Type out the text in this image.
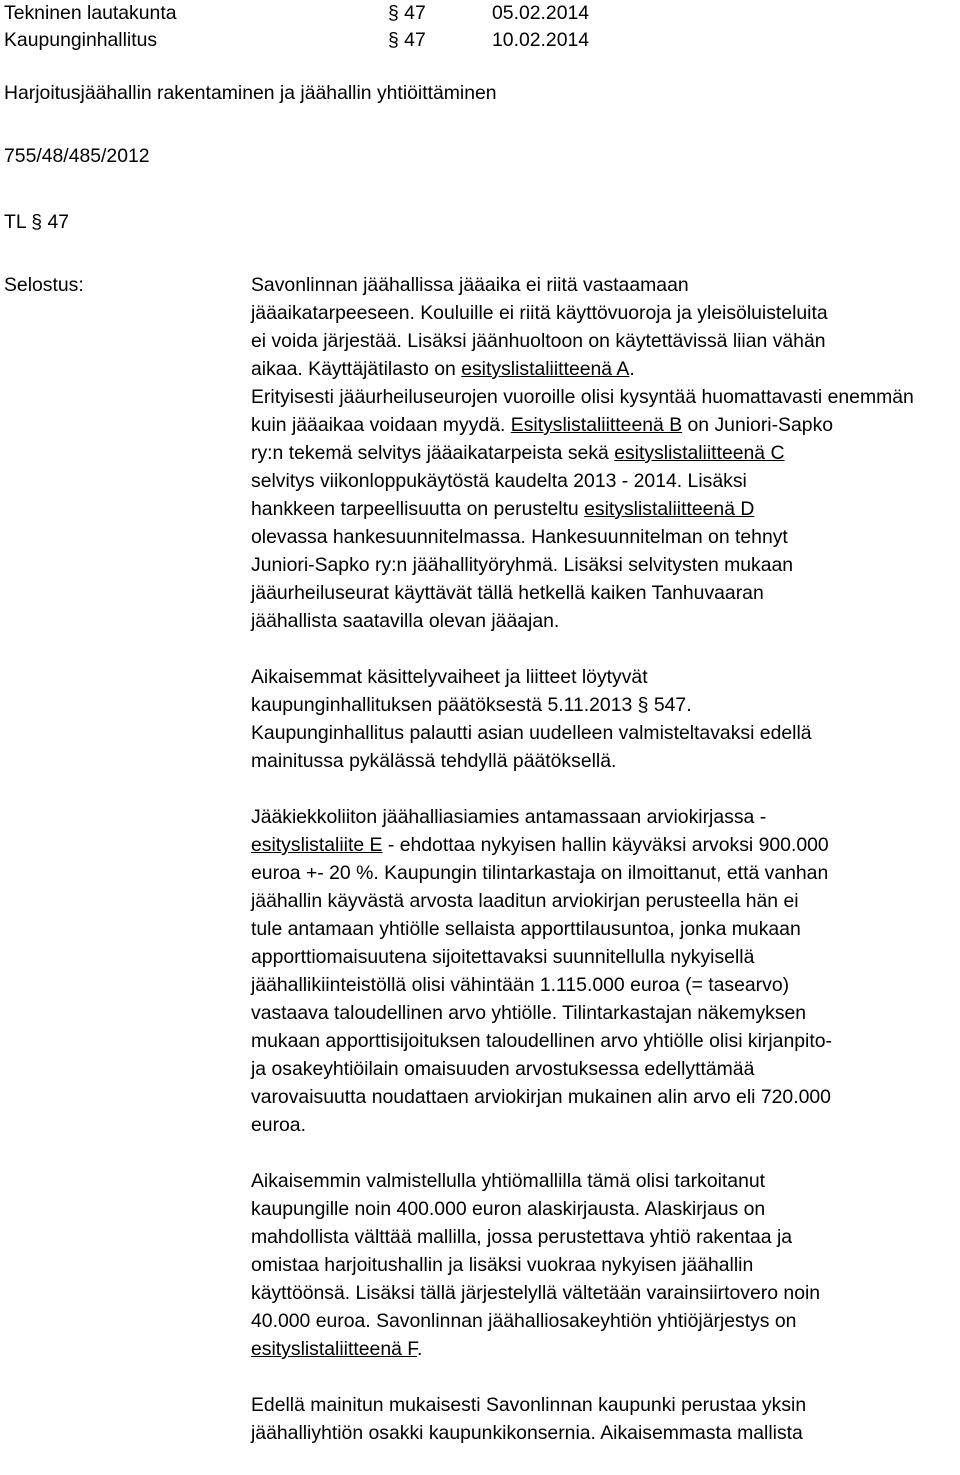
Tekninen lautakunta	§ 47	05.02.2014
Kaupunginhallitus	§ 47	10.02.2014
Harjoitusjäähallin rakentaminen ja jäähallin yhtiöittäminen
755/48/485/2012
TL § 47
Selostus:	Savonlinnan jäähallissa jääaika ei riitä vastaamaan
jääaikatarpeeseen. Kouluille ei riitä käyttövuoroja ja yleisöluisteluita
ei voida järjestää. Lisäksi jäänhuoltoon on käytettävissä liian vähän
aikaa. Käyttäjätilasto on esityslistaliitteenä A.
Erityisesti jääurheiluseurojen vuoroille olisi kysyntää huomattavasti enemmän
kuin jääaikaa voidaan myydä. Esityslistaliitteenä B on Juniori-Sapko
ry:n tekemä selvitys jääaikatarpeista sekä esityslistaliitteenä C
selvitys viikonloppukäytöstä kaudelta 2013 - 2014. Lisäksi
hankkeen tarpeellisuutta on perusteltu esityslistaliitteenä D
olevassa hankesuunnitelmassa. Hankesuunnitelman on tehnyt
Juniori-Sapko ry:n jäähallityöryhmä. Lisäksi selvitysten mukaan
jääurheiluseurat käyttävät tällä hetkellä kaiken Tanhuvaaran
jäähallista saatavilla olevan jääajan.

Aikaisemmat käsittelyvaiheet ja liitteet löytyvät
kaupunginhallituksen päätöksestä 5.11.2013 § 547.
Kaupunginhallitus palautti asian uudelleen valmisteltavaksi edellä
mainitussa pykälässä tehdyllä päätöksellä.

Jääkiekkoliiton jäähalliasiamies antamassaan arviokirjassa -
esityslistaliite E - ehdottaa nykyisen hallin käyväksi arvoksi 900.000
euroa +- 20 %. Kaupungin tilintarkastaja on ilmoittanut, että vanhan
jäähallin käyvästä arvosta laaditun arviokirjan perusteella hän ei
tule antamaan yhtiölle sellaista apporttilausuntoa, jonka mukaan
apporttiomaisuutena sijoitettavaksi suunnitellulla nykyisellä
jäähallikiinteistöllä olisi vähintään 1.115.000 euroa (= tasearvo)
vastaava taloudellinen arvo yhtiölle. Tilintarkastajan näkemyksen
mukaan apporttisijoituksen taloudellinen arvo yhtiölle olisi kirjanpito-
ja osakeyhtiöilain omaisuuden arvostuksessa edellyttämää
varovaisuutta noudattaen arviokirjan mukainen alin arvo eli 720.000
euroa.

Aikaisemmin valmistellulla yhtiömallilla tämä olisi tarkoitanut
kaupungille noin 400.000 euron alaskirjausta. Alaskirjaus on
mahdollista välttää mallilla, jossa perustettava yhtiö rakentaa ja
omistaa harjoitushallin ja lisäksi vuokraa nykyisen jäähallin
käyttöönsä. Lisäksi tällä järjestelyllä vältetään varainsiirtovero noin
40.000 euroa. Savonlinnan jäähalliosakeyhtiön yhtiöjärjestys on
esityslistaliitteenä F.

Edellä mainitun mukaisesti Savonlinnan kaupunki perustaa yksin
jäähalliyhtiön osakki kaupunkikonsernia. Aikaisemmasta mallista
